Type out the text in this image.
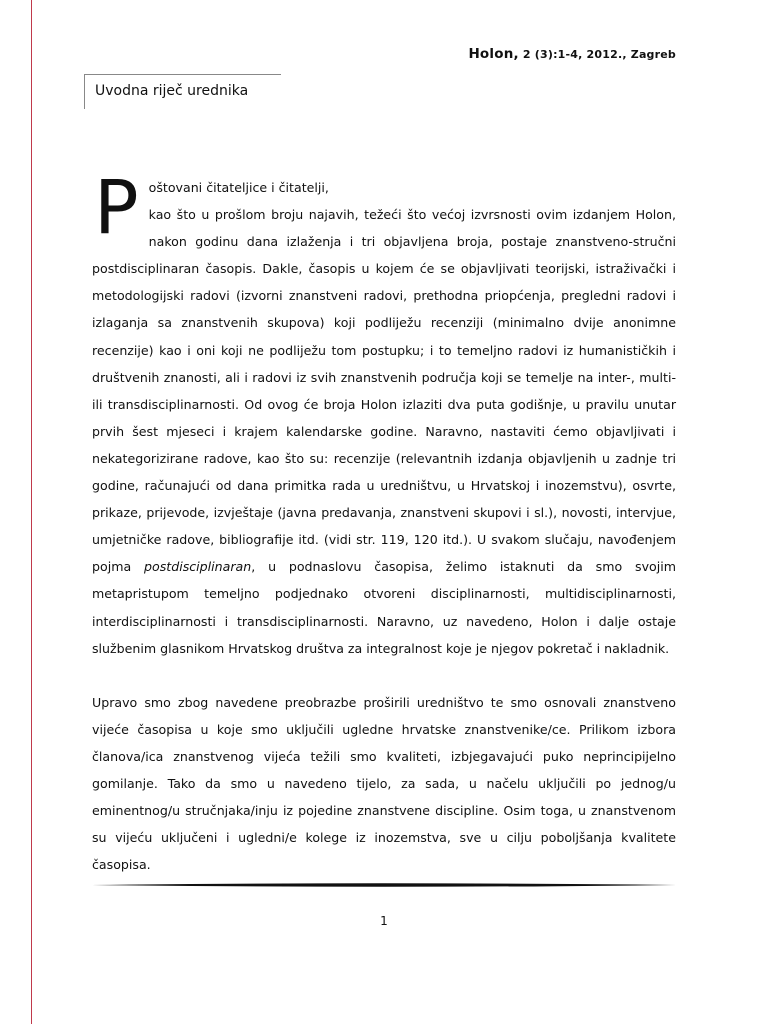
Holon, 2 (3):1-4, 2012., Zagreb
Uvodna riječ urednika

P oštovani čitateljice i čitatelji,
kao što u prošlom broju najavih, težeći što većoj izvrsnosti ovim izdanjem Holon, nakon godinu dana izlaženja i tri objavljena broja, postaje znanstveno-stručni postdisciplinaran časopis. Dakle, časopis u kojem će se objavljivati teorijski, istraživački i metodologijski radovi (izvorni znanstveni radovi, prethodna priopćenja, pregledni radovi i izlaganja sa znanstvenih skupova) koji podliježu recenziji (minimalno dvije anonimne recenzije) kao i oni koji ne podliježu tom postupku; i to temeljno radovi iz humanističkih i društvenih znanosti, ali i radovi iz svih znanstvenih područja koji se temelje na inter-, multi- ili transdisciplinarnosti. Od ovog će broja Holon izlaziti dva puta godišnje, u pravilu unutar prvih šest mjeseci i krajem kalendarske godine. Naravno, nastaviti ćemo objavljivati i nekategorizirane radove, kao što su: recenzije (relevantnih izdanja objavljenih u zadnje tri godine, računajući od dana primitka rada u uredništvu, u Hrvatskoj i inozemstvu), osvrte, prikaze, prijevode, izvještaje (javna predavanja, znanstveni skupovi i sl.), novosti, intervjue, umjetničke radove, bibliografije itd. (vidi str. 119, 120 itd.). U svakom slučaju, navođenjem pojma postdisciplinaran, u podnaslovu časopisa, želimo istaknuti da smo svojim metapristupom temeljno podjednako otvoreni disciplinarnosti, multidisciplinarnosti, interdisciplinarnosti i transdisciplinarnosti. Naravno, uz navedeno, Holon i dalje ostaje službenim glasnikom Hrvatskog društva za integralnost koje je njegov pokretač i nakladnik.

Upravo smo zbog navedene preobrazbe proširili uredništvo te smo osnovali znanstveno vijeće časopisa u koje smo uključili ugledne hrvatske znanstvenike/ce. Prilikom izbora članova/ica znanstvenog vijeća težili smo kvaliteti, izbjegavajući puko neprincipijelno gomilanje. Tako da smo u navedeno tijelo, za sada, u načelu uključili po jednog/u eminentnog/u stručnjaka/inju iz pojedine znanstvene discipline. Osim toga, u znanstvenom su vijeću uključeni i ugledni/e kolege iz inozemstva, sve u cilju poboljšanja kvalitete časopisa.

1
